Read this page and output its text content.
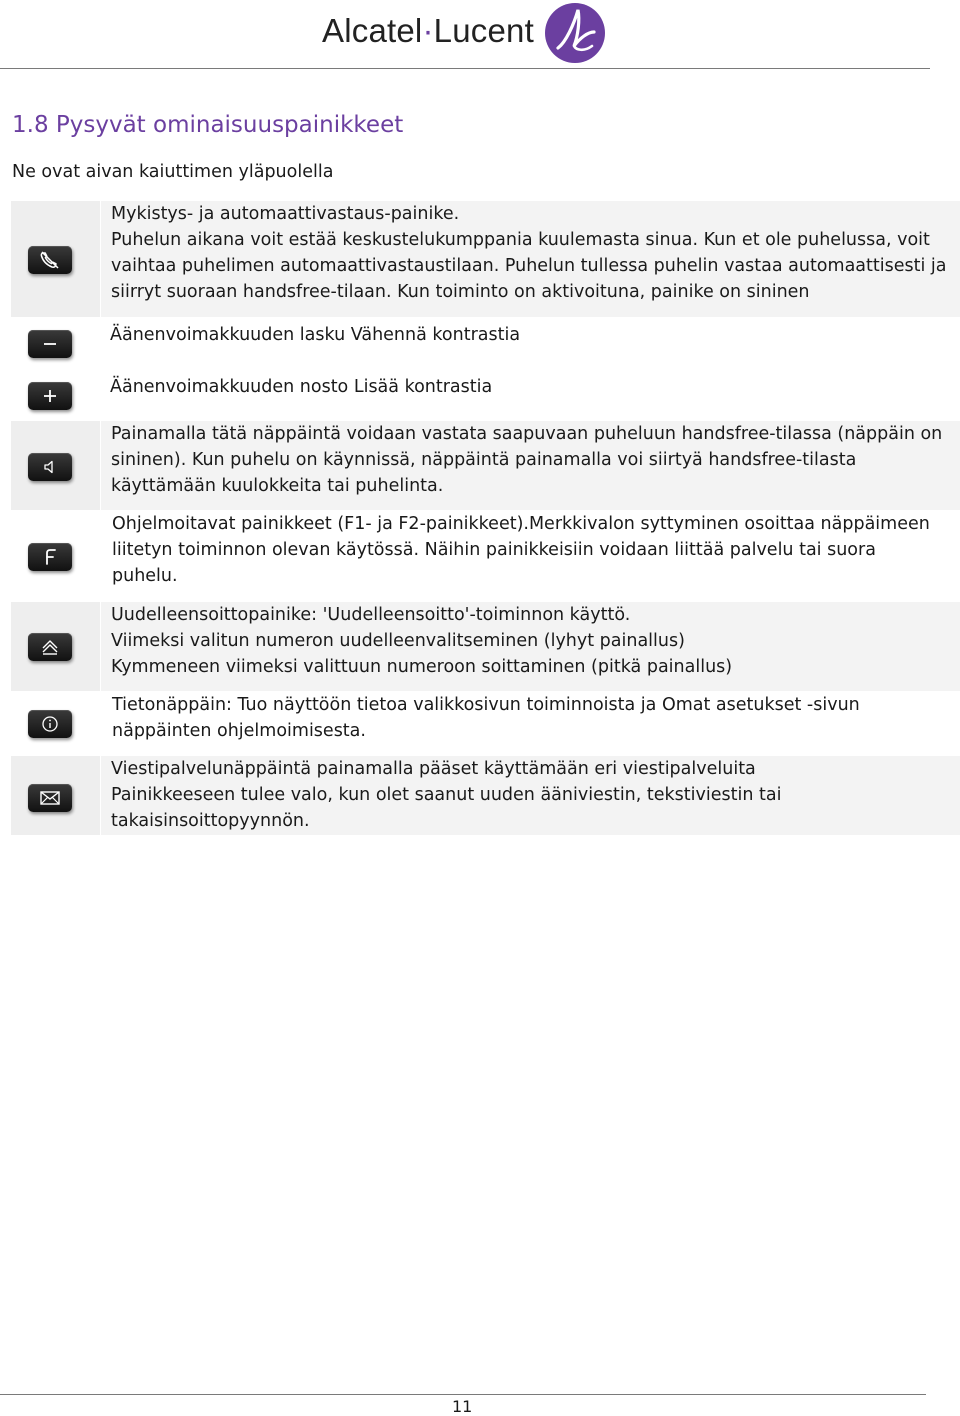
Alcatel·Lucent
1.8 Pysyvät ominaisuuspainikkeet
Ne ovat aivan kaiuttimen yläpuolella

Mykistys- ja automaattivastaus-painike.

Puhelun aikana voit estää keskustelukumppania kuulemasta sinua. Kun et ole puhelussa, voit

vaihtaa puhelimen automaattivastaustilaan. Puhelun tullessa puhelin vastaa automaattisesti ja

siirryt suoraan handsfree-tilaan. Kun toiminto on aktivoituna, painike on sininen

Äänenvoimakkuuden lasku Vähennä kontrastia

Äänenvoimakkuuden nosto Lisää kontrastia

Painamalla tätä näppäintä voidaan vastata saapuvaan puheluun handsfree-tilassa (näppäin on

sininen). Kun puhelu on käynnissä, näppäintä painamalla voi siirtyä handsfree-tilasta

käyttämään kuulokkeita tai puhelinta.

Ohjelmoitavat painikkeet (F1- ja F2-painikkeet).Merkkivalon syttyminen osoittaa näppäimeen

liitetyn toiminnon olevan käytössä. Näihin painikkeisiin voidaan liittää palvelu tai suora

puhelu.

Uudelleensoittopainike: 'Uudelleensoitto'-toiminnon käyttö.

Viimeksi valitun numeron uudelleenvalitseminen (lyhyt painallus)

Kymmeneen viimeksi valittuun numeroon soittaminen (pitkä painallus)

Tietonäppäin: Tuo näyttöön tietoa valikkosivun toiminnoista ja Omat asetukset -sivun

näppäinten ohjelmoimisesta.

Viestipalvelunäppäintä painamalla pääset käyttämään eri viestipalveluita

Painikkeeseen tulee valo, kun olet saanut uuden ääniviestin, tekstiviestin tai

takaisinsoittopyynnön.

11
